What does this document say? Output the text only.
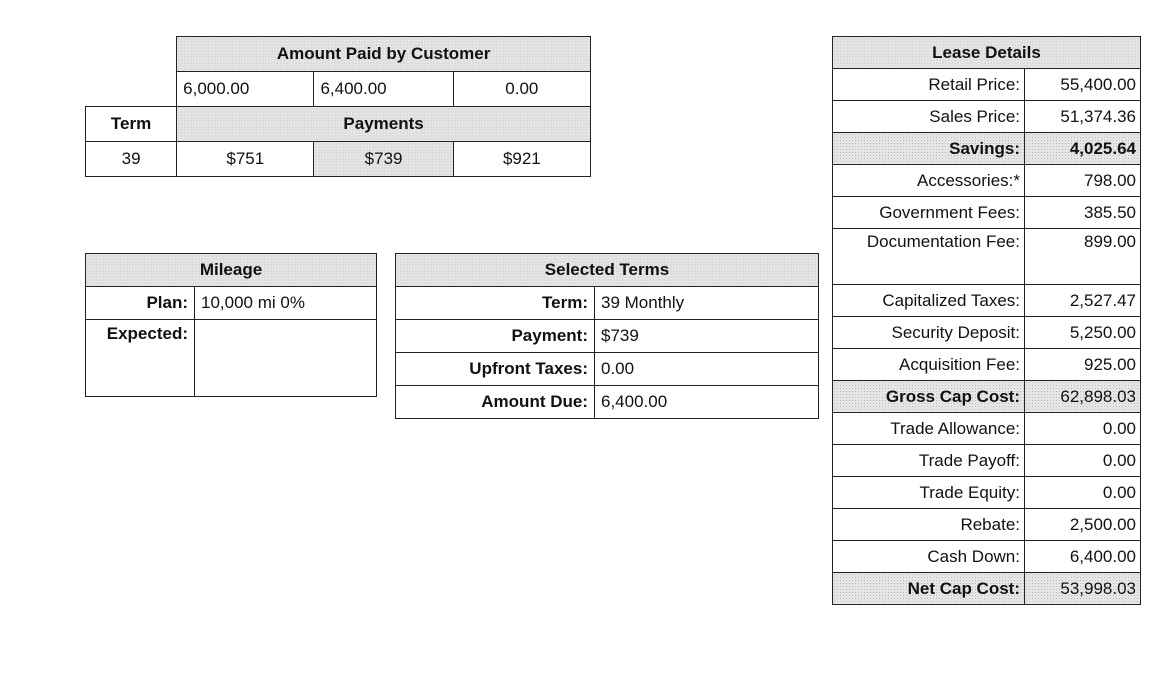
	Amount Paid by Customer		
	6,000.00	6,400.00	0.00
Term	Payments		
39	$751	$739	$921
Mileage	
Plan:	10,000 mi 0%
Expected:	
Selected Terms	
Term:	39 Monthly
Payment:	$739
Upfront Taxes:	0.00
Amount Due:	6,400.00
Lease Details	
Retail Price:	55,400.00
Sales Price:	51,374.36
Savings:	4,025.64
Accessories:*	798.00
Government Fees:	385.50
Documentation Fee:	899.00
Capitalized Taxes:	2,527.47
Security Deposit:	5,250.00
Acquisition Fee:	925.00
Gross Cap Cost:	62,898.03
Trade Allowance:	0.00
Trade Payoff:	0.00
Trade Equity:	0.00
Rebate:	2,500.00
Cash Down:	6,400.00
Net Cap Cost:	53,998.03
